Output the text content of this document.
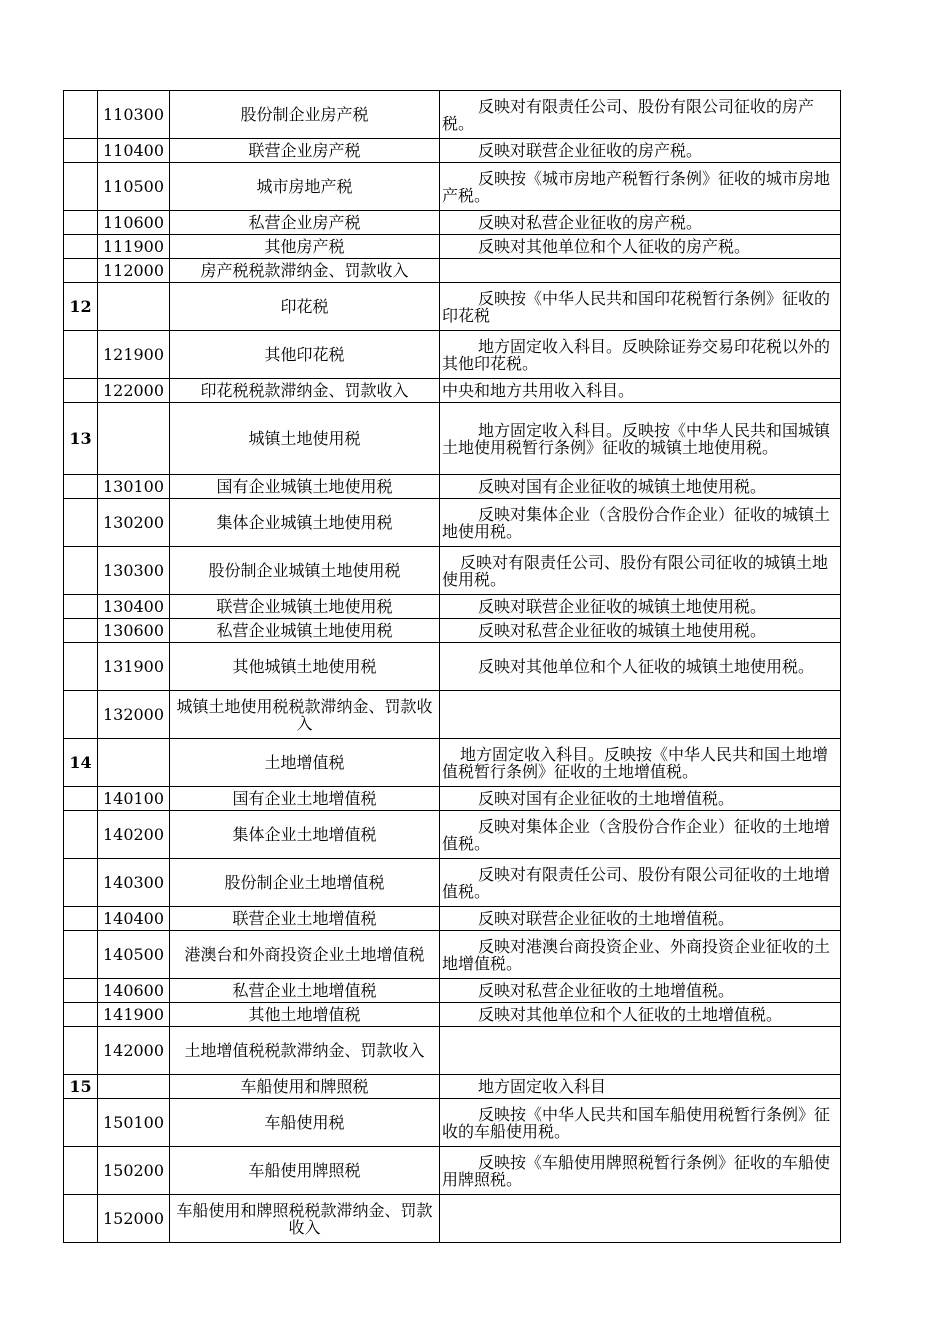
	110300	股份制企业房产税	反映对有限责任公司、股份有限公司征收的房产税。
	110400	联营企业房产税	反映对联营企业征收的房产税。
	110500	城市房地产税	反映按《城市房地产税暂行条例》征收的城市房地产税。
	110600	私营企业房产税	反映对私营企业征收的房产税。
	111900	其他房产税	反映对其他单位和个人征收的房产税。
	112000	房产税税款滞纳金、罚款收入	
12		印花税	反映按《中华人民共和国印花税暂行条例》征收的印花税
	121900	其他印花税	地方固定收入科目。反映除证券交易印花税以外的其他印花税。
	122000	印花税税款滞纳金、罚款收入	中央和地方共用收入科目。
13		城镇土地使用税	地方固定收入科目。反映按《中华人民共和国城镇土地使用税暂行条例》征收的城镇土地使用税。
	130100	国有企业城镇土地使用税	反映对国有企业征收的城镇土地使用税。
	130200	集体企业城镇土地使用税	反映对集体企业（含股份合作企业）征收的城镇土地使用税。
	130300	股份制企业城镇土地使用税	反映对有限责任公司、股份有限公司征收的城镇土地使用税。
	130400	联营企业城镇土地使用税	反映对联营企业征收的城镇土地使用税。
	130600	私营企业城镇土地使用税	反映对私营企业征收的城镇土地使用税。
	131900	其他城镇土地使用税	反映对其他单位和个人征收的城镇土地使用税。
	132000	城镇土地使用税税款滞纳金、罚款收入	
14		土地增值税	地方固定收入科目。反映按《中华人民共和国土地增值税暂行条例》征收的土地增值税。
	140100	国有企业土地增值税	反映对国有企业征收的土地增值税。
	140200	集体企业土地增值税	反映对集体企业（含股份合作企业）征收的土地增值税。
	140300	股份制企业土地增值税	反映对有限责任公司、股份有限公司征收的土地增值税。
	140400	联营企业土地增值税	反映对联营企业征收的土地增值税。
	140500	港澳台和外商投资企业土地增值税	反映对港澳台商投资企业、外商投资企业征收的土地增值税。
	140600	私营企业土地增值税	反映对私营企业征收的土地增值税。
	141900	其他土地增值税	反映对其他单位和个人征收的土地增值税。
	142000	土地增值税税款滞纳金、罚款收入	
15		车船使用和牌照税	地方固定收入科目
	150100	车船使用税	反映按《中华人民共和国车船使用税暂行条例》征收的车船使用税。
	150200	车船使用牌照税	反映按《车船使用牌照税暂行条例》征收的车船使用牌照税。
	152000	车船使用和牌照税税款滞纳金、罚款收入	
